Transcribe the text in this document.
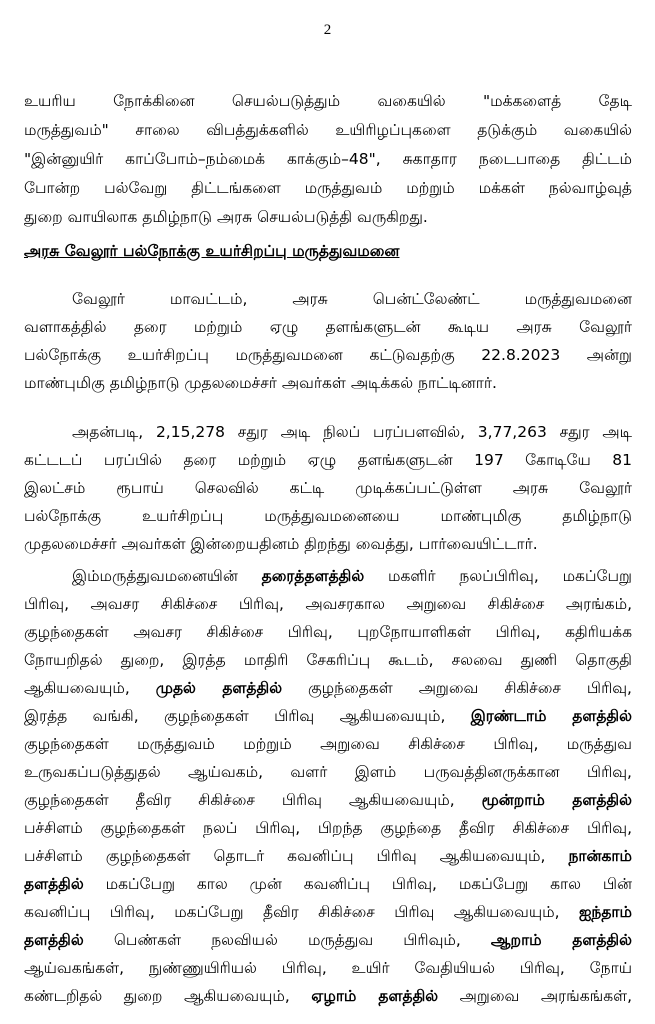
2
உயரிய நோக்கினை செயல்படுத்தும் வகையில் "மக்களைத் தேடி
மருத்துவம்" சாலை விபத்துக்களில் உயிரிழப்புகளை தடுக்கும் வகையில்
"இன்னுயிர் காப்போம்–நம்மைக் காக்கும்–48", சுகாதார நடைபாதை திட்டம்
போன்ற பல்வேறு திட்டங்களை மருத்துவம் மற்றும் மக்கள் நல்வாழ்வுத்
துறை வாயிலாக தமிழ்நாடு அரசு செயல்படுத்தி வருகிறது.
அரசு வேலூர் பல்நோக்கு உயர்சிறப்பு மருத்துவமனை
வேலூர் மாவட்டம், அரசு பென்ட்லேண்ட் மருத்துவமனை
வளாகத்தில் தரை மற்றும் ஏழு தளங்களுடன் கூடிய அரசு வேலூர்
பல்நோக்கு உயர்சிறப்பு மருத்துவமனை கட்டுவதற்கு 22.8.2023 அன்று
மாண்புமிகு தமிழ்நாடு முதலமைச்சர் அவர்கள் அடிக்கல் நாட்டினார்.
அதன்படி, 2,15,278 சதுர அடி நிலப் பரப்பளவில், 3,77,263 சதுர அடி
கட்டடப் பரப்பில் தரை மற்றும் ஏழு தளங்களுடன் 197 கோடியே 81
இலட்சம் ரூபாய் செலவில் கட்டி முடிக்கப்பட்டுள்ள அரசு வேலூர்
பல்நோக்கு உயர்சிறப்பு மருத்துவமனையை மாண்புமிகு தமிழ்நாடு
முதலமைச்சர் அவர்கள் இன்றையதினம் திறந்து வைத்து, பார்வையிட்டார்.
இம்மருத்துவமனையின் தரைத்தளத்தில் மகளிர் நலப்பிரிவு, மகப்பேறு
பிரிவு, அவசர சிகிச்சை பிரிவு, அவசரகால அறுவை சிகிச்சை அரங்கம்,
குழந்தைகள் அவசர சிகிச்சை பிரிவு, புறநோயாளிகள் பிரிவு, கதிரியக்க
நோயறிதல் துறை, இரத்த மாதிரி சேகரிப்பு கூடம், சலவை துணி தொகுதி
ஆகியவையும், முதல் தளத்தில் குழந்தைகள் அறுவை சிகிச்சை பிரிவு,
இரத்த வங்கி, குழந்தைகள் பிரிவு ஆகியவையும், இரண்டாம் தளத்தில்
குழந்தைகள் மருத்துவம் மற்றும் அறுவை சிகிச்சை பிரிவு, மருத்துவ
உருவகப்படுத்துதல் ஆய்வகம், வளர் இளம் பருவத்தினருக்கான பிரிவு,
குழந்தைகள் தீவிர சிகிச்சை பிரிவு ஆகியவையும், மூன்றாம் தளத்தில்
பச்சிளம் குழந்தைகள் நலப் பிரிவு, பிறந்த குழந்தை தீவிர சிகிச்சை பிரிவு,
பச்சிளம் குழந்தைகள் தொடர் கவனிப்பு பிரிவு ஆகியவையும், நான்காம்
தளத்தில் மகப்பேறு கால முன் கவனிப்பு பிரிவு, மகப்பேறு கால பின்
கவனிப்பு பிரிவு, மகப்பேறு தீவிர சிகிச்சை பிரிவு ஆகியவையும், ஐந்தாம்
தளத்தில் பெண்கள் நலவியல் மருத்துவ பிரிவும், ஆறாம் தளத்தில்
ஆய்வகங்கள், நுண்ணுயிரியல் பிரிவு, உயிர் வேதியியல் பிரிவு, நோய்
கண்டறிதல் துறை ஆகியவையும், ஏழாம் தளத்தில் அறுவை அரங்கங்கள்,
